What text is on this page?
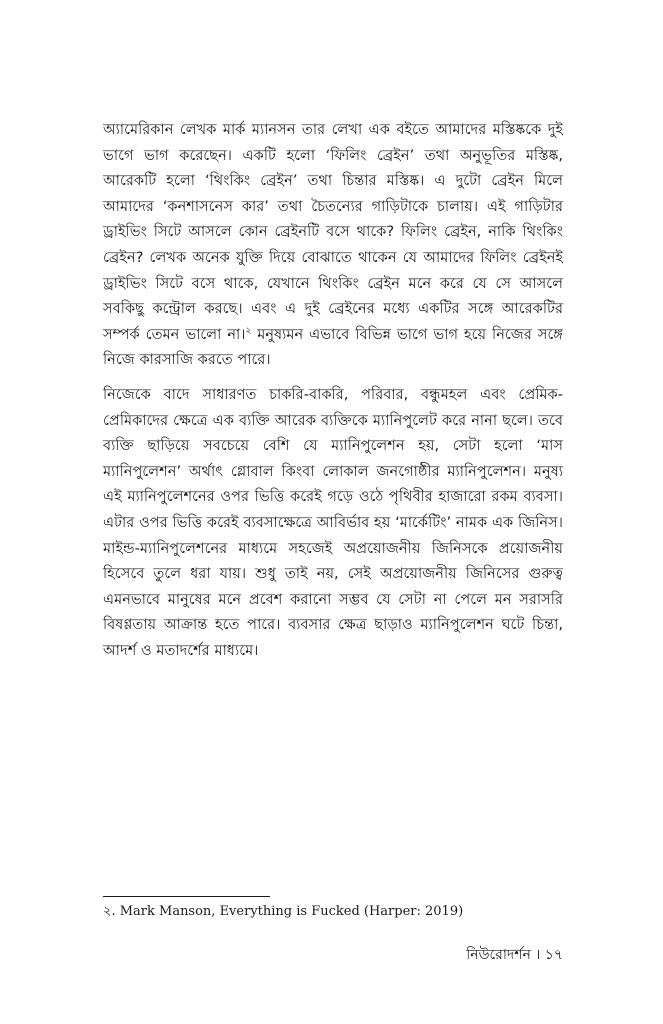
অ্যামেরিকান লেখক মার্ক ম্যানসন তার লেখা এক বইতে আমাদের মস্তিষ্ককে দুই ভাগে ভাগ করেছেন। একটি হলো ‘ফিলিং ব্রেইন’ তথা অনুভূতির মস্তিষ্ক, আরেকটি হলো ‘থিংকিং ব্রেইন’ তথা চিন্তার মস্তিষ্ক। এ দুটো ব্রেইন মিলে আমাদের ‘কনশাসনেস কার’ তথা চৈতন্যের গাড়িটাকে চালায়। এই গাড়িটার ড্রাইভিং সিটে আসলে কোন ব্রেইনটি বসে থাকে? ফিলিং ব্রেইন, নাকি থিংকিং ব্রেইন? লেখক অনেক যুক্তি দিয়ে বোঝাতে থাকেন যে আমাদের ফিলিং ব্রেইনই ড্রাইভিং সিটে বসে থাকে, যেখানে থিংকিং ব্রেইন মনে করে যে সে আসলে সবকিছু কন্ট্রোল করছে। এবং এ দুই ব্রেইনের মধ্যে একটির সঙ্গে আরেকটির সম্পর্ক তেমন ভালো না।$^২$ মনুষ্যমন এভাবে বিভিন্ন ভাগে ভাগ হয়ে নিজের সঙ্গে নিজে কারসাজি করতে পারে।

নিজেকে বাদে সাধারণত চাকরি-বাকরি, পরিবার, বন্ধুমহল এবং প্রেমিক-প্রেমিকাদের ক্ষেত্রে এক ব্যক্তি আরেক ব্যক্তিকে ম্যানিপুলেট করে নানা ছলে। তবে ব্যক্তি ছাড়িয়ে সবচেয়ে বেশি যে ম্যানিপুলেশন হয়, সেটা হলো ‘মাস ম্যানিপুলেশন’ অর্থাৎ গ্লোবাল কিংবা লোকাল জনগোষ্ঠীর ম্যানিপুলেশন। মনুষ্য এই ম্যানিপুলেশনের ওপর ভিত্তি করেই গড়ে ওঠে পৃথিবীর হাজারো রকম ব্যবসা। এটার ওপর ভিত্তি করেই ব্যবসাক্ষেত্রে আবির্ভাব হয় ‘মার্কেটিং’ নামক এক জিনিস। মাইন্ড-ম্যানিপুলেশনের মাধ্যমে সহজেই অপ্রয়োজনীয় জিনিসকে প্রয়োজনীয় হিসেবে তুলে ধরা যায়। শুধু তাই নয়, সেই অপ্রয়োজনীয় জিনিসের গুরুত্ব এমনভাবে মানুষের মনে প্রবেশ করানো সম্ভব যে সেটা না পেলে মন সরাসরি বিষণ্ণতায় আক্রান্ত হতে পারে। ব্যবসার ক্ষেত্র ছাড়াও ম্যানিপুলেশন ঘটে চিন্তা, আদর্শ ও মতাদর্শের মাধ্যমে।

২. Mark Manson, Everything is Fucked (Harper: 2019)
নিউরোদর্শন । ১৭
